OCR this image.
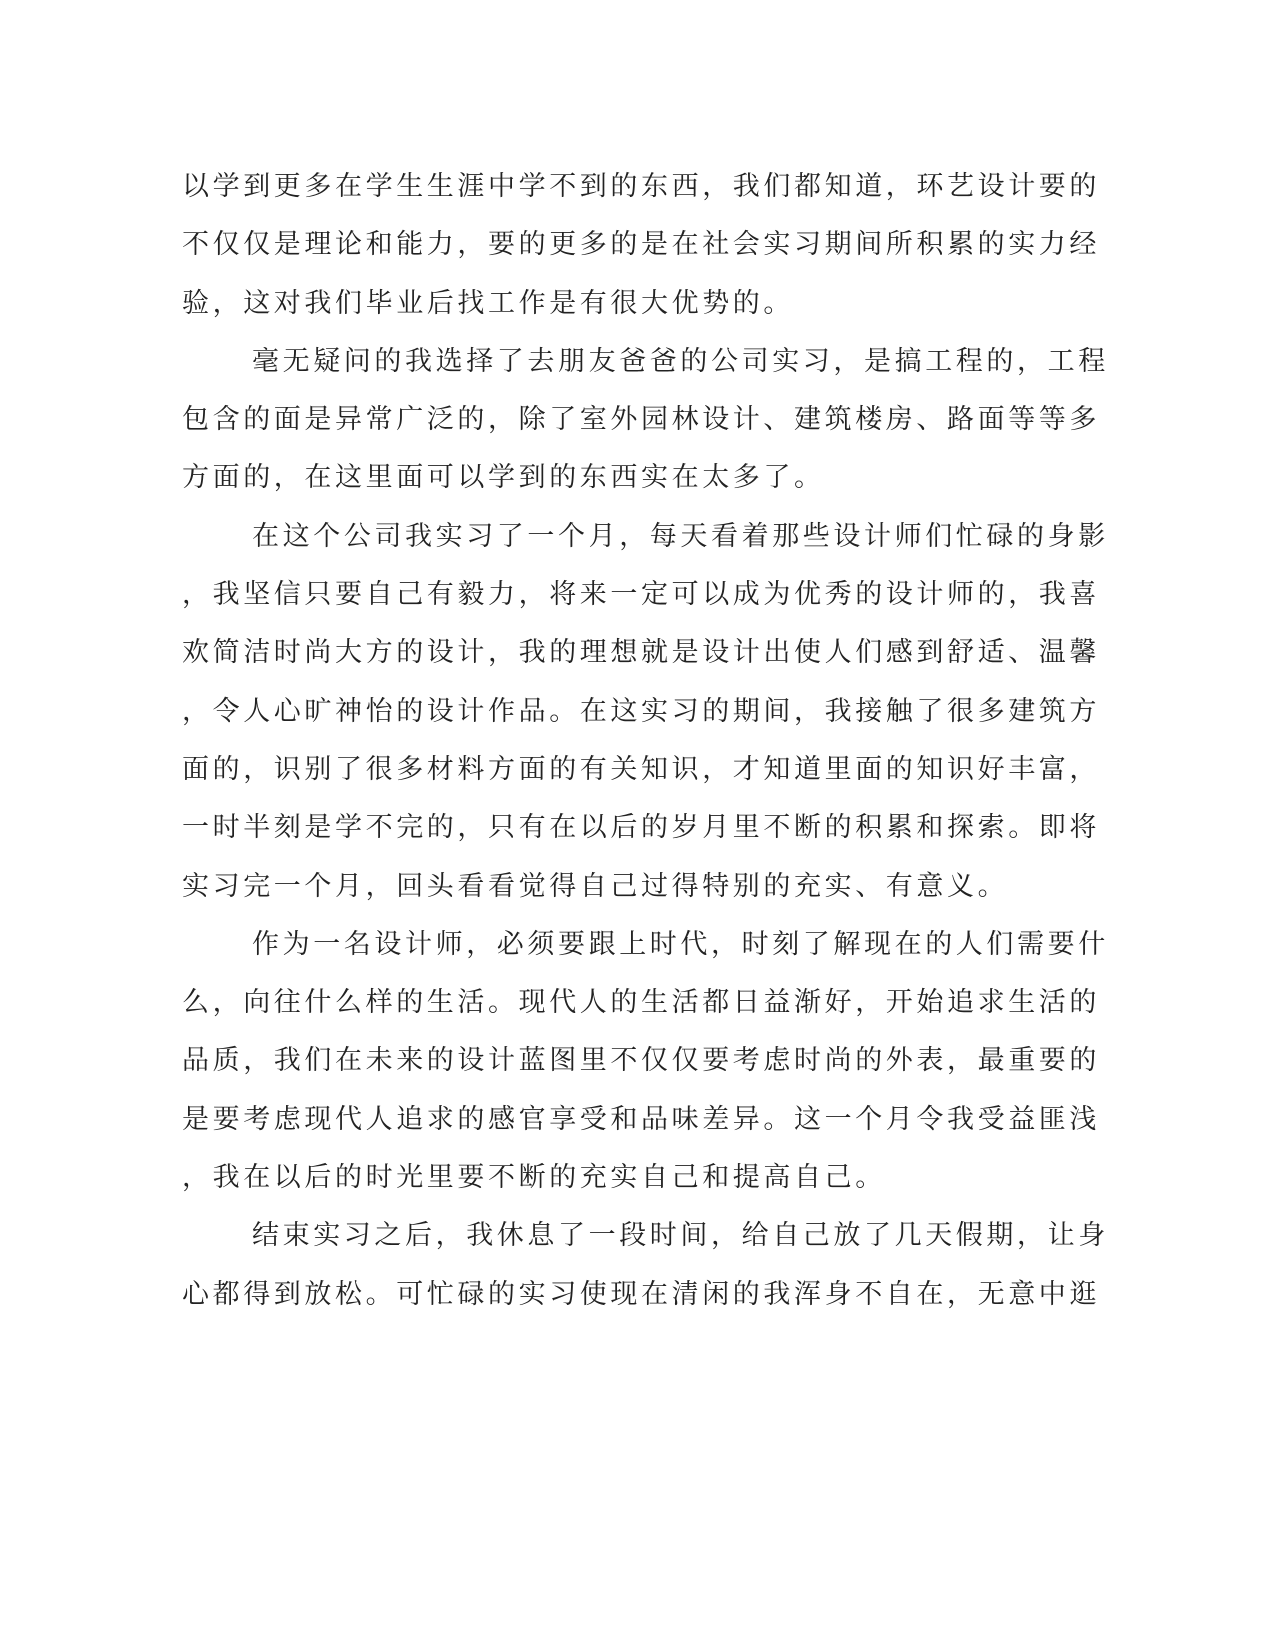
以学到更多在学生生涯中学不到的东西，我们都知道，环艺设计要的
不仅仅是理论和能力，要的更多的是在社会实习期间所积累的实力经
验，这对我们毕业后找工作是有很大优势的。
毫无疑问的我选择了去朋友爸爸的公司实习，是搞工程的，工程
包含的面是异常广泛的，除了室外园林设计、建筑楼房、路面等等多
方面的，在这里面可以学到的东西实在太多了。
在这个公司我实习了一个月，每天看着那些设计师们忙碌的身影
，我坚信只要自己有毅力，将来一定可以成为优秀的设计师的，我喜
欢简洁时尚大方的设计，我的理想就是设计出使人们感到舒适、温馨
，令人心旷神怡的设计作品。在这实习的期间，我接触了很多建筑方
面的，识别了很多材料方面的有关知识，才知道里面的知识好丰富，
一时半刻是学不完的，只有在以后的岁月里不断的积累和探索。即将
实习完一个月，回头看看觉得自己过得特别的充实、有意义。
作为一名设计师，必须要跟上时代，时刻了解现在的人们需要什
么，向往什么样的生活。现代人的生活都日益渐好，开始追求生活的
品质，我们在未来的设计蓝图里不仅仅要考虑时尚的外表，最重要的
是要考虑现代人追求的感官享受和品味差异。这一个月令我受益匪浅
，我在以后的时光里要不断的充实自己和提高自己。
结束实习之后，我休息了一段时间，给自己放了几天假期，让身
心都得到放松。可忙碌的实习使现在清闲的我浑身不自在，无意中逛
